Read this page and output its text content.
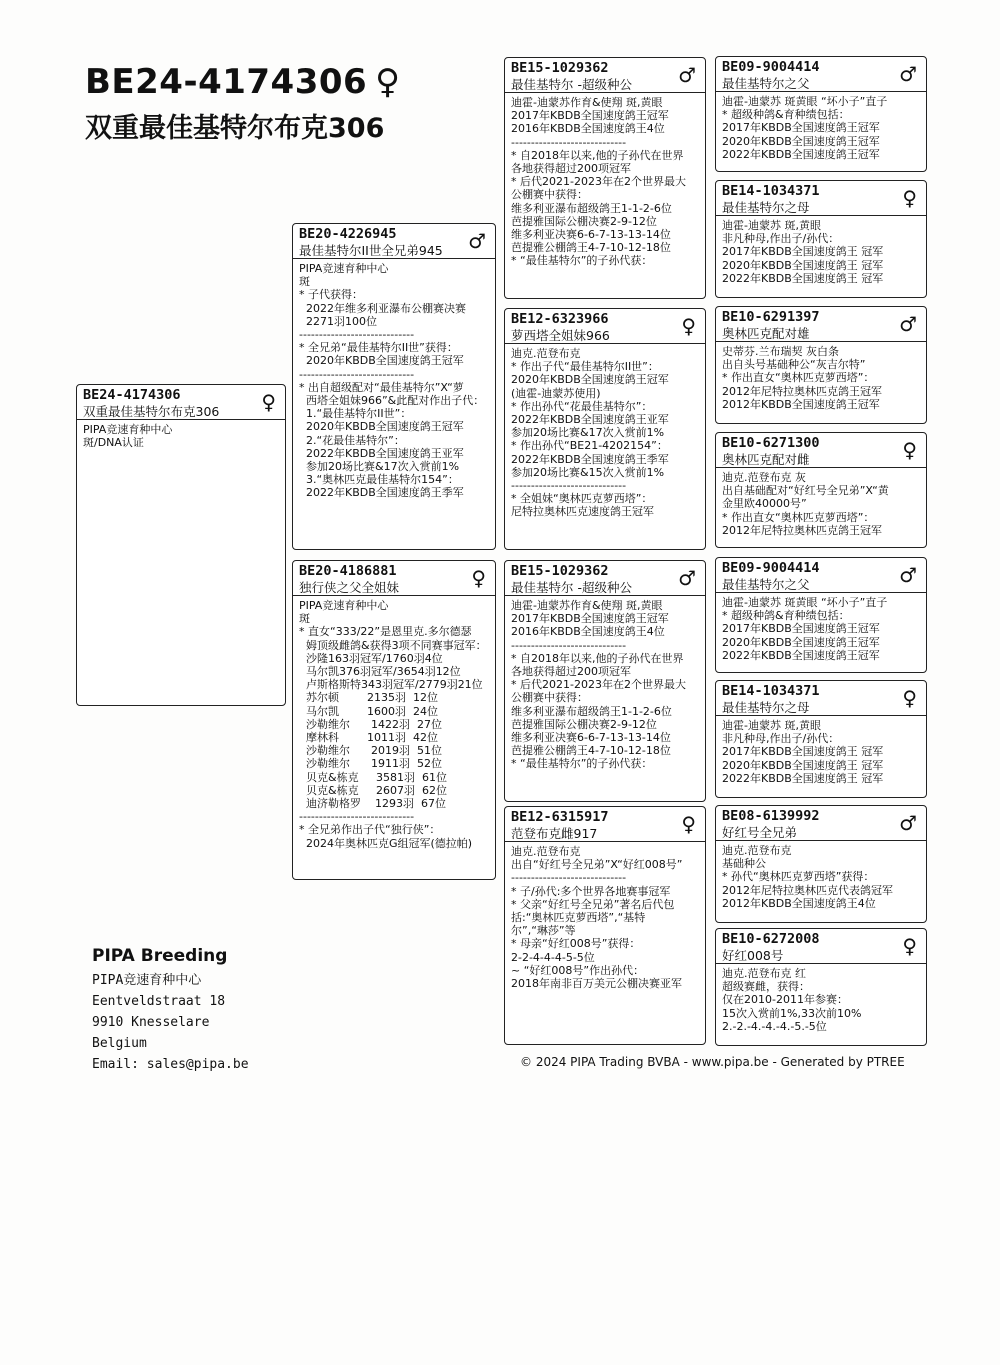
BE24-4174306 ♀
双重最佳基特尔布克306
BE24-4174306
双重最佳基特尔布克306	♀
PIPA竞速育种中心
斑/DNA认证
BE20-4226945
最佳基特尔II世全兄弟945	♂
PIPA竞速育种中心
斑
* 子代获得：
2022年维多利亚瀑布公棚赛决赛
2271羽100位
-----------------------------
* 全兄弟“最佳基特尔II世”获得：
2020年KBDB全国速度鸽王冠军
-----------------------------
* 出自超级配对“最佳基特尔”X“萝
西塔全姐妹966”&此配对作出子代：
1.“最佳基特尔II世”：
2020年KBDB全国速度鸽王冠军
2.“花最佳基特尔”：
2022年KBDB全国速度鸽王亚军
参加20场比赛&17次入赏前1%
3.“奥林匹克最佳基特尔154”：
2022年KBDB全国速度鸽王季军
BE20-4186881
独行侠之父全姐妹	♀
PIPA竞速育种中心
斑
* 直女“333/22”是恩里克.多尔德瑟
姆顶级雌鸽&获得3项不同赛事冠军：
沙隆163羽冠军/1760羽4位
马尔凯376羽冠军/3654羽12位
卢斯格斯特343羽冠军/2779羽21位
苏尔顿        2135羽  12位
马尔凯        1600羽  24位
沙勒维尔      1422羽  27位
摩林科        1011羽  42位
沙勒维尔      2019羽  51位
沙勒维尔      1911羽  52位
贝克&栋克     3581羽  61位
贝克&栋克     2607羽  62位
迪济勒格罗    1293羽  67位
-----------------------------
* 全兄弟作出子代“独行侠”：
2024年奥林匹克G组冠军(德拉帕)
BE15-1029362
最佳基特尔 -超级种公	♂
迪霍-迪蒙苏作育&使翔 斑,黄眼
2017年KBDB全国速度鸽王冠军
2016年KBDB全国速度鸽王4位
-----------------------------
* 自2018年以来,他的子孙代在世界
各地获得超过200项冠军
* 后代2021-2023年在2个世界最大
公棚赛中获得：
维多利亚瀑布超级鸽王1-1-2-6位
芭提雅国际公棚决赛2-9-12位
维多利亚决赛6-6-7-13-13-14位
芭提雅公棚鸽王4-7-10-12-18位
* “最佳基特尔”的子孙代获：
BE12-6323966
萝西塔全姐妹966	♀
迪克.范登布克
* 作出子代“最佳基特尔II世”：
2020年KBDB全国速度鸽王冠军
(迪霍-迪蒙苏使用)
* 作出孙代“花最佳基特尔”：
2022年KBDB全国速度鸽王亚军
参加20场比赛&17次入赏前1%
* 作出孙代“BE21-4202154”：
2022年KBDB全国速度鸽王季军
参加20场比赛&15次入赏前1%
-----------------------------
* 全姐妹“奥林匹克萝西塔”：
尼特拉奥林匹克速度鸽王冠军
BE15-1029362
最佳基特尔 -超级种公	♂
迪霍-迪蒙苏作育&使翔 斑,黄眼
2017年KBDB全国速度鸽王冠军
2016年KBDB全国速度鸽王4位
-----------------------------
* 自2018年以来,他的子孙代在世界
各地获得超过200项冠军
* 后代2021-2023年在2个世界最大
公棚赛中获得：
维多利亚瀑布超级鸽王1-1-2-6位
芭提雅国际公棚决赛2-9-12位
维多利亚决赛6-6-7-13-13-14位
芭提雅公棚鸽王4-7-10-12-18位
* “最佳基特尔”的子孙代获：
BE12-6315917
范登布克雌917	♀
迪克.范登布克
出自“好红号全兄弟”X“好红008号”
-----------------------------
* 子/孙代:多个世界各地赛事冠军
* 父亲“好红号全兄弟”著名后代包
括:“奥林匹克萝西塔”,“基特
尔”,“琳莎”等
* 母亲“好红008号”获得：
2-2-4-4-4-5-5位
~ “好红008号”作出孙代：
2018年南非百万美元公棚决赛亚军
BE09-9004414
最佳基特尔之父	♂
迪霍-迪蒙苏 斑黄眼 “坏小子”直子
* 超级种鸽&育种绩包括：
2017年KBDB全国速度鸽王冠军
2020年KBDB全国速度鸽王冠军
2022年KBDB全国速度鸽王冠军
BE14-1034371
最佳基特尔之母	♀
迪霍-迪蒙苏 斑,黄眼
非凡种母,作出子/孙代：
2017年KBDB全国速度鸽王 冠军
2020年KBDB全国速度鸽王 冠军
2022年KBDB全国速度鸽王 冠军
BE10-6291397
奥林匹克配对雄	♂
史蒂芬.兰布瑞契 灰白条
出自头号基础种公“灰吉尔特”
* 作出直女“奥林匹克萝西塔”：
2012年尼特拉奥林匹克鸽王冠军
2012年KBDB全国速度鸽王冠军
BE10-6271300
奥林匹克配对雌	♀
迪克.范登布克 灰
出自基础配对“好红号全兄弟”X“黄
金里欧40000号”
* 作出直女“奥林匹克萝西塔”：
2012年尼特拉奥林匹克鸽王冠军
BE09-9004414
最佳基特尔之父	♂
迪霍-迪蒙苏 斑黄眼 “坏小子”直子
* 超级种鸽&育种绩包括：
2017年KBDB全国速度鸽王冠军
2020年KBDB全国速度鸽王冠军
2022年KBDB全国速度鸽王冠军
BE14-1034371
最佳基特尔之母	♀
迪霍-迪蒙苏 斑,黄眼
非凡种母,作出子/孙代：
2017年KBDB全国速度鸽王 冠军
2020年KBDB全国速度鸽王 冠军
2022年KBDB全国速度鸽王 冠军
BE08-6139992
好红号全兄弟	♂
迪克.范登布克
基础种公
* 孙代“奥林匹克萝西塔”获得：
2012年尼特拉奥林匹克代表鸽冠军
2012年KBDB全国速度鸽王4位
BE10-6272008
好红008号	♀
迪克.范登布克 红
超级赛雌，获得：
仅在2010-2011年参赛：
15次入赏前1%,33次前10%
2.-2.-4.-4.-4.-5.-5位
PIPA Breeding
PIPA竞速育种中心
Eentveldstraat 18
9910 Knesselare
Belgium
Email: sales@pipa.be	© 2024 PIPA Trading BVBA - www.pipa.be - Generated by PTREE
